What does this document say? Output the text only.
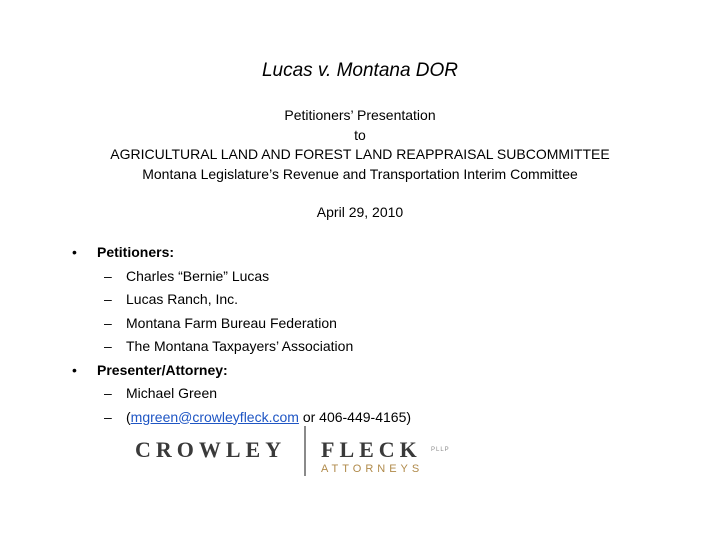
Lucas v. Montana DOR
Petitioners’ Presentation
to
AGRICULTURAL LAND AND FOREST LAND REAPPRAISAL SUBCOMMITTEE
Montana Legislature’s Revenue and Transportation Interim Committee
April 29, 2010
•	Petitioners:
– Charles “Bernie” Lucas
– Lucas Ranch, Inc.
– Montana Farm Bureau Federation
– The Montana Taxpayers’ Association
•	Presenter/Attorney:
– Michael Green
– (mgreen@crowleyfleck.com or 406-449-4165)
CROWLEY FLECK PLLP
ATTORNEYS
